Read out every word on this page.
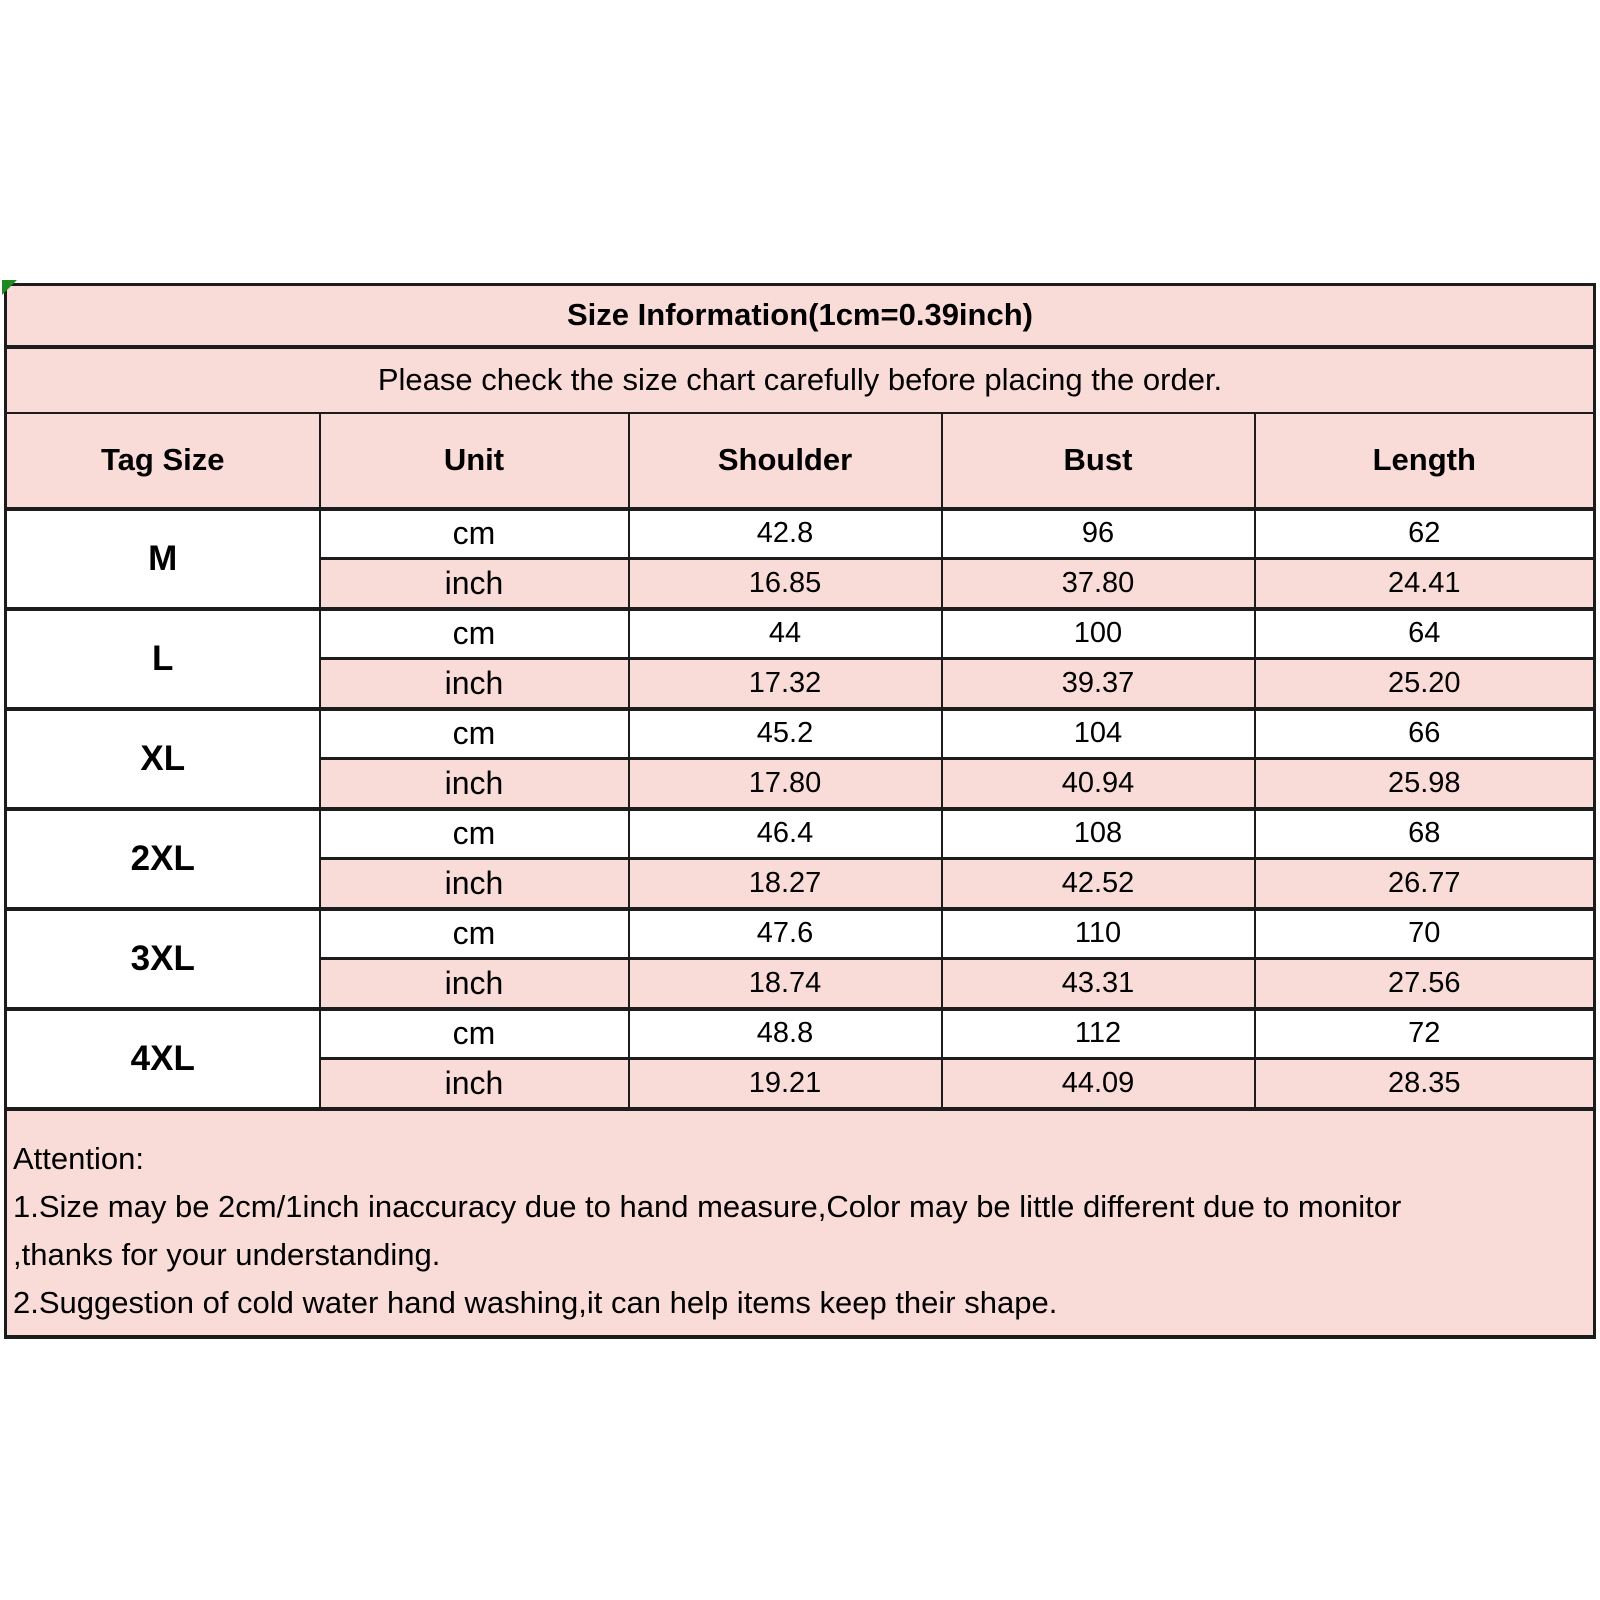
Size Information(1cm=0.39inch)				
Please check the size chart carefully before placing the order.				
Tag Size	Unit	Shoulder	Bust	Length
M	cm	42.8	96	62
	inch	16.85	37.80	24.41
L	cm	44	100	64
	inch	17.32	39.37	25.20
XL	cm	45.2	104	66
	inch	17.80	40.94	25.98
2XL	cm	46.4	108	68
	inch	18.27	42.52	26.77
3XL	cm	47.6	110	70
	inch	18.74	43.31	27.56
4XL	cm	48.8	112	72
	inch	19.21	44.09	28.35

Attention:
1.Size may be 2cm/1inch inaccuracy due to hand measure,Color may be little different due to monitor
,thanks for your understanding.
2.Suggestion of cold water hand washing,it can help items keep their shape.				
